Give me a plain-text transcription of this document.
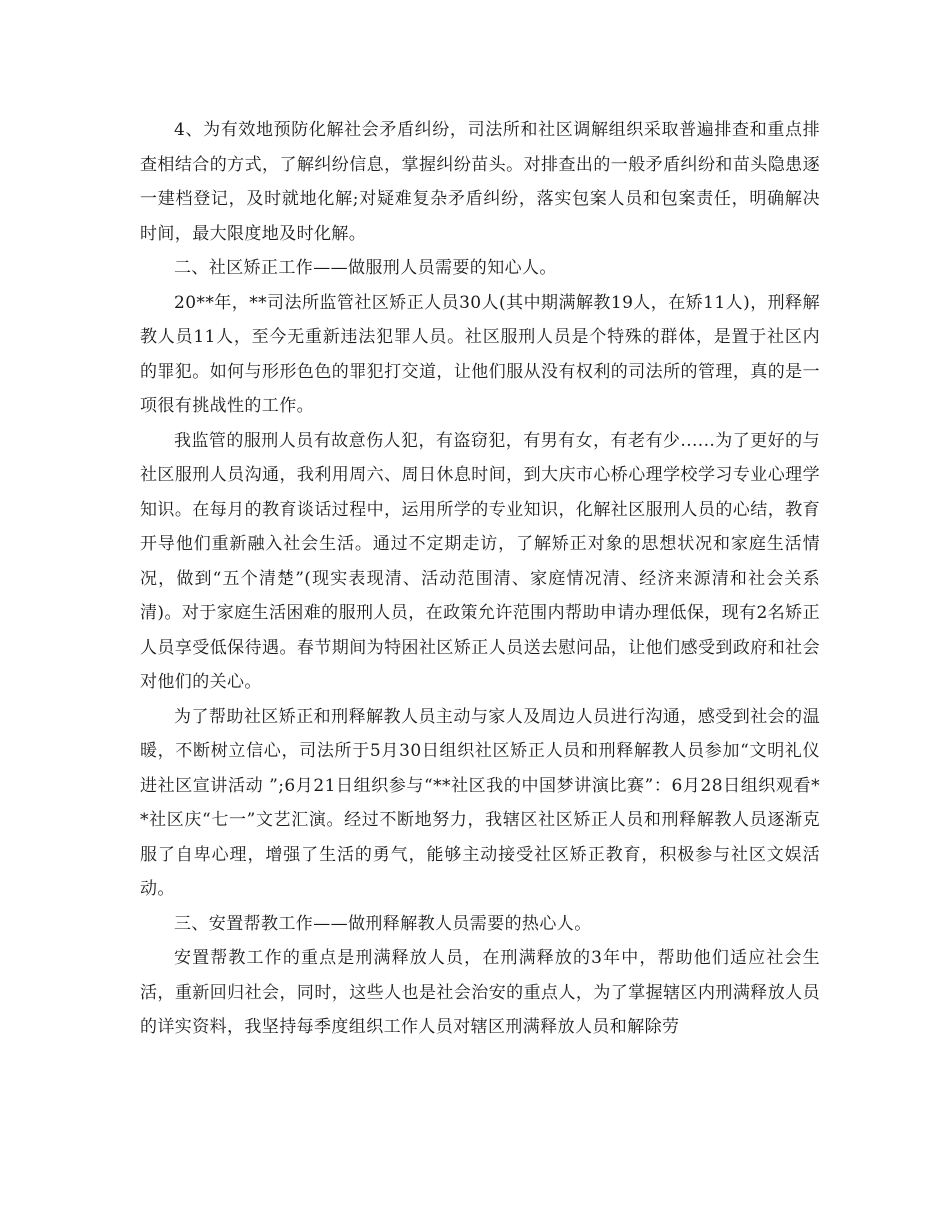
4、为有效地预防化解社会矛盾纠纷，司法所和社区调解组织采取普遍排查和重点排查相结合的方式，了解纠纷信息，掌握纠纷苗头。对排查出的一般矛盾纠纷和苗头隐患逐一建档登记，及时就地化解;对疑难复杂矛盾纠纷，落实包案人员和包案责任，明确解决时间，最大限度地及时化解。

二、社区矫正工作——做服刑人员需要的知心人。

20**年，**司法所监管社区矫正人员30人(其中期满解教19人，在矫11人)，刑释解教人员11人，至今无重新违法犯罪人员。社区服刑人员是个特殊的群体，是置于社区内的罪犯。如何与形形色色的罪犯打交道，让他们服从没有权利的司法所的管理，真的是一项很有挑战性的工作。

我监管的服刑人员有故意伤人犯，有盗窃犯，有男有女，有老有少......为了更好的与社区服刑人员沟通，我利用周六、周日休息时间，到大庆市心桥心理学校学习专业心理学知识。在每月的教育谈话过程中，运用所学的专业知识，化解社区服刑人员的心结，教育开导他们重新融入社会生活。通过不定期走访，了解矫正对象的思想状况和家庭生活情况，做到“五个清楚”(现实表现清、活动范围清、家庭情况清、经济来源清和社会关系清)。对于家庭生活困难的服刑人员，在政策允许范围内帮助申请办理低保，现有2名矫正人员享受低保待遇。春节期间为特困社区矫正人员送去慰问品，让他们感受到政府和社会对他们的关心。

为了帮助社区矫正和刑释解教人员主动与家人及周边人员进行沟通，感受到社会的温暖，不断树立信心，司法所于5月30日组织社区矫正人员和刑释解教人员参加“文明礼仪进社区宣讲活动 ”;6月21日组织参与“**社区我的中国梦讲演比赛”：6月28日组织观看**社区庆“七一”文艺汇演。经过不断地努力，我辖区社区矫正人员和刑释解教人员逐渐克服了自卑心理，增强了生活的勇气，能够主动接受社区矫正教育，积极参与社区文娱活动。

三、安置帮教工作——做刑释解教人员需要的热心人。

安置帮教工作的重点是刑满释放人员，在刑满释放的3年中，帮助他们适应社会生活，重新回归社会，同时，这些人也是社会治安的重点人，为了掌握辖区内刑满释放人员的详实资料，我坚持每季度组织工作人员对辖区刑满释放人员和解除劳
